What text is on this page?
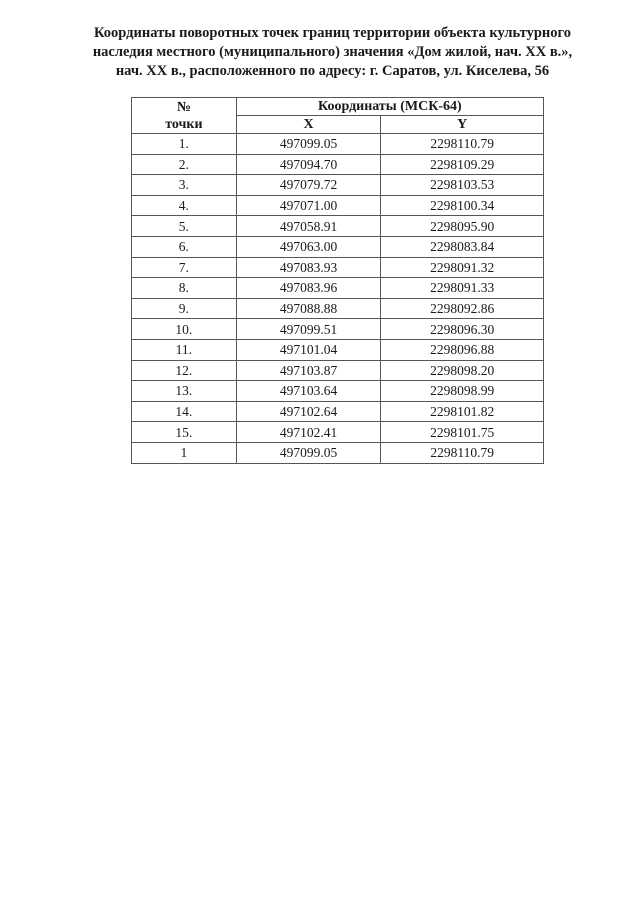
Координаты поворотных точек границ территории объекта культурного
наследия местного (муниципального) значения «Дом жилой, нач. XX в.»,
нач. XX в., расположенного по адресу: г. Саратов, ул. Киселева, 56
№
точки	Координаты (МСК-64)	
	X	Y
1.	497099.05	2298110.79
2.	497094.70	2298109.29
3.	497079.72	2298103.53
4.	497071.00	2298100.34
5.	497058.91	2298095.90
6.	497063.00	2298083.84
7.	497083.93	2298091.32
8.	497083.96	2298091.33
9.	497088.88	2298092.86
10.	497099.51	2298096.30
11.	497101.04	2298096.88
12.	497103.87	2298098.20
13.	497103.64	2298098.99
14.	497102.64	2298101.82
15.	497102.41	2298101.75
1	497099.05	2298110.79
